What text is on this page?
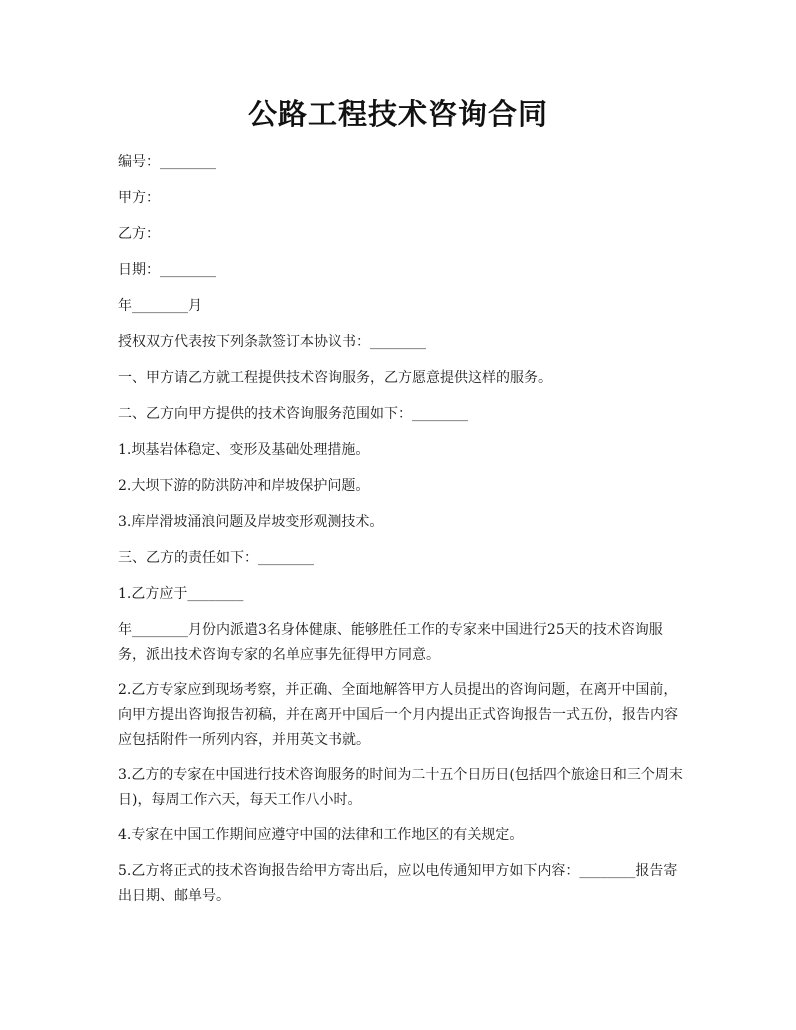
公路工程技术咨询合同

编号：________

甲方：

乙方：

日期：________

年________月

授权双方代表按下列条款签订本协议书：________

一、甲方请乙方就工程提供技术咨询服务，乙方愿意提供这样的服务。

二、乙方向甲方提供的技术咨询服务范围如下：________

1.坝基岩体稳定、变形及基础处理措施。

2.大坝下游的防洪防冲和岸坡保护问题。

3.库岸滑坡涌浪问题及岸坡变形观测技术。

三、乙方的责任如下：________

1.乙方应于________

年________月份内派遣3名身体健康、能够胜任工作的专家来中国进行25天的技术咨询服务，派出技术咨询专家的名单应事先征得甲方同意。

2.乙方专家应到现场考察，并正确、全面地解答甲方人员提出的咨询问题，在离开中国前，向甲方提出咨询报告初稿，并在离开中国后一个月内提出正式咨询报告一式五份，报告内容应包括附件一所列内容，并用英文书就。

3.乙方的专家在中国进行技术咨询服务的时间为二十五个日历日(包括四个旅途日和三个周末日)，每周工作六天，每天工作八小时。

4.专家在中国工作期间应遵守中国的法律和工作地区的有关规定。

5.乙方将正式的技术咨询报告给甲方寄出后，应以电传通知甲方如下内容：________报告寄出日期、邮单号。
